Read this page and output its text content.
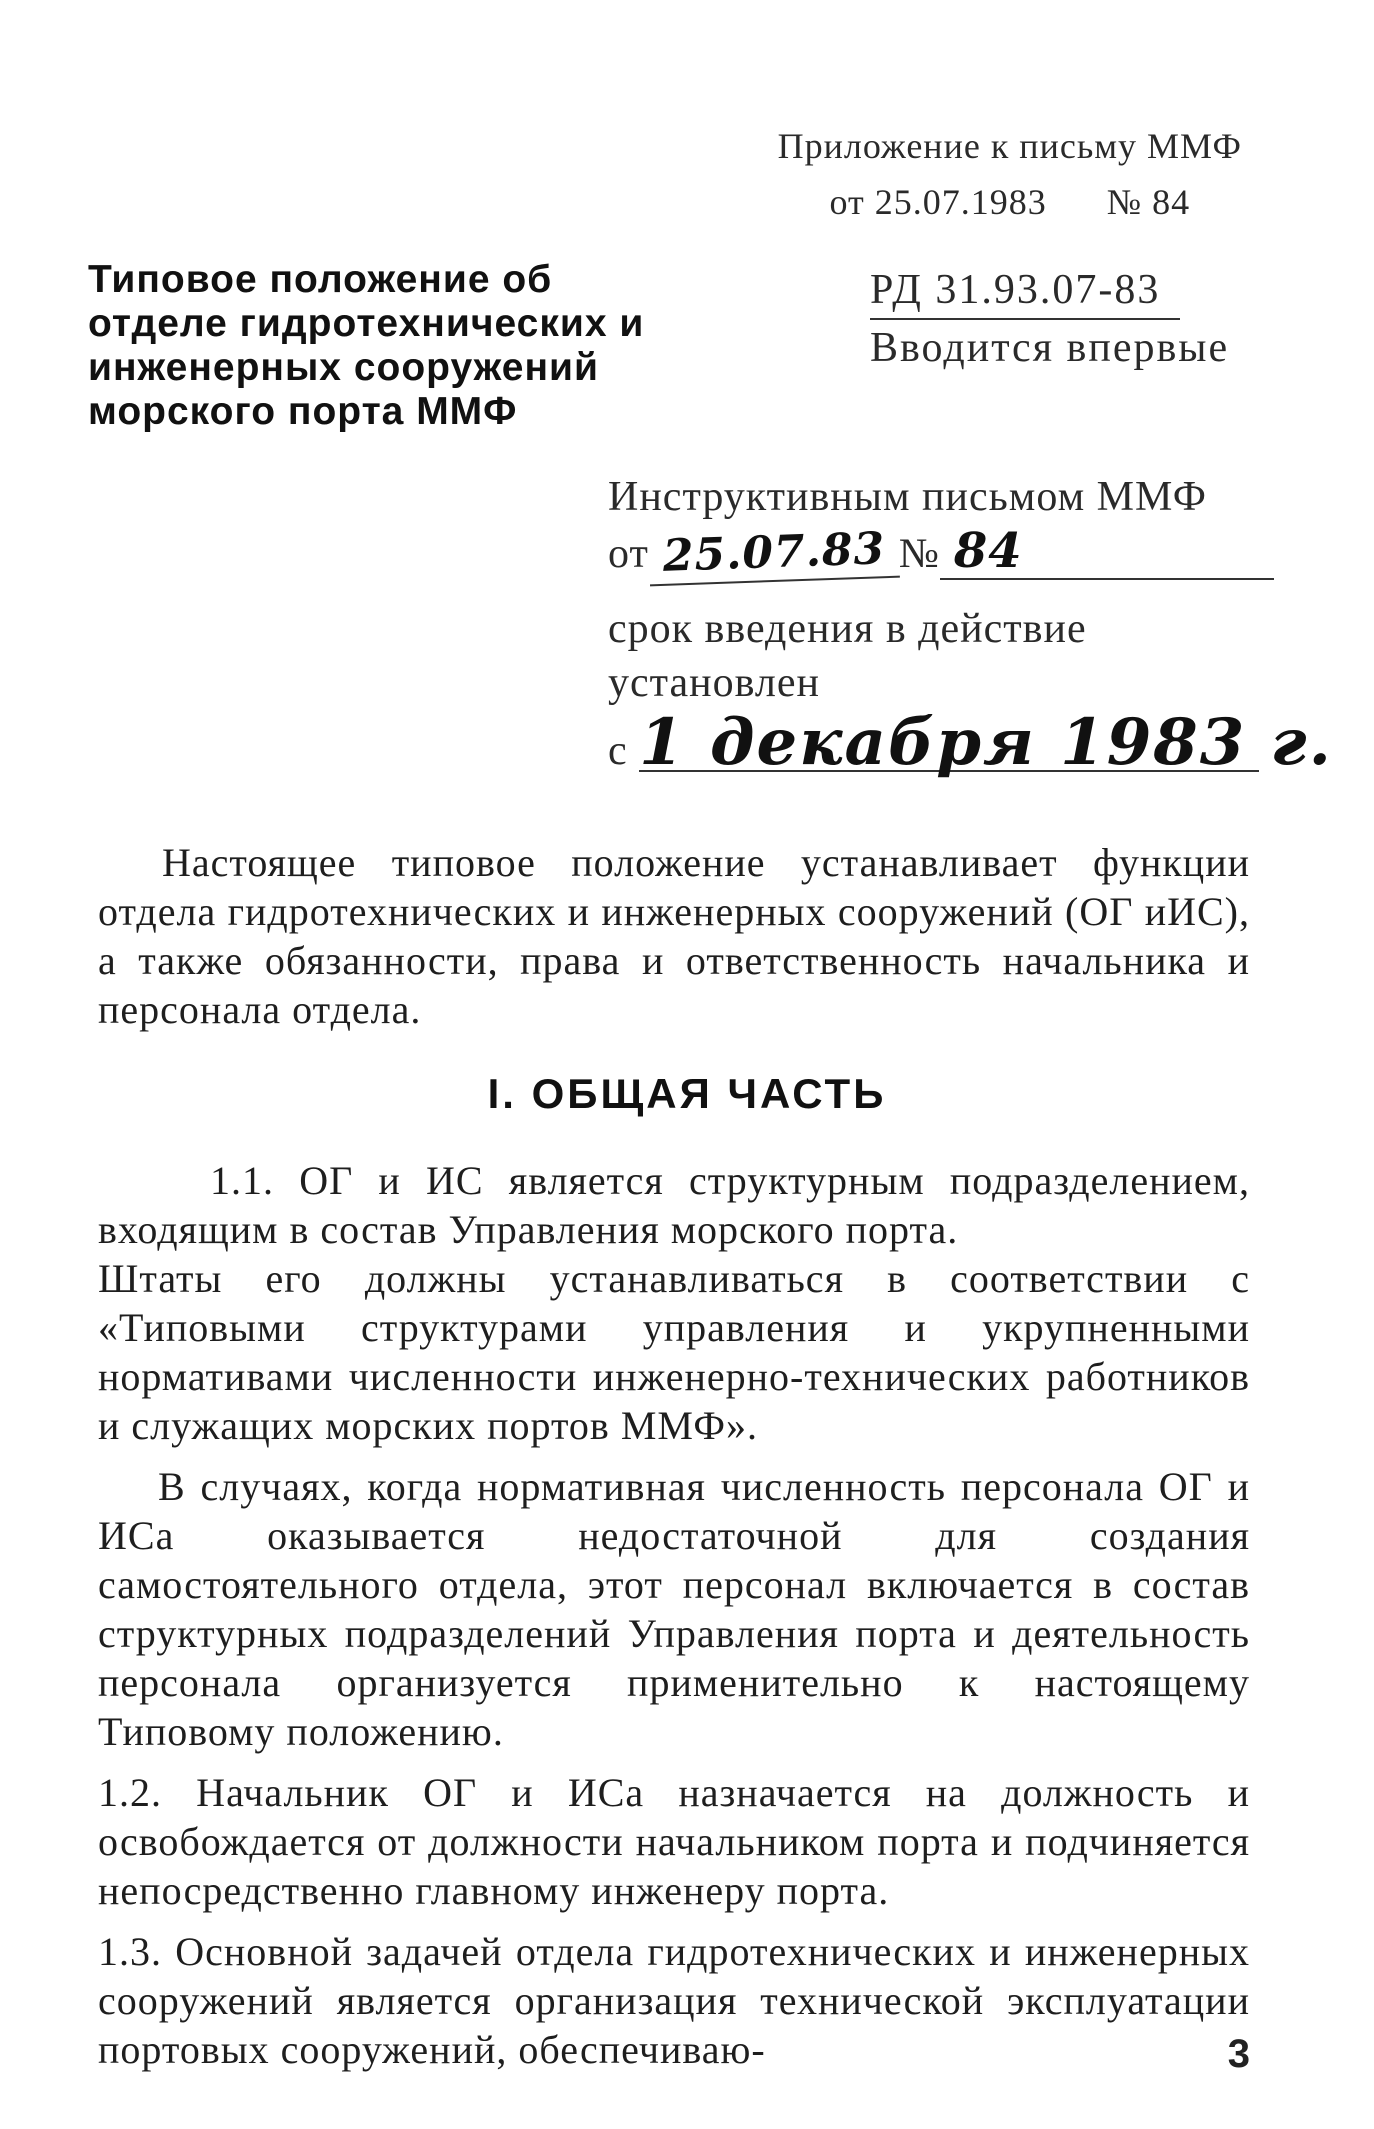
Приложение к письму ММФ
от 25.07.1983 № 84
Типовое положение об отделе гидротехнических и инженерных сооружений морского порта ММФ
РД 31.93.07-83
Вводится впервые
Инструктивным письмом ММФ
от 25.07.83 № 84
срок введения в действие
установлен
с 1 декабря 1983 г.

Настоящее типовое положение устанавливает функции отдела гидротехнических и инженерных сооружений (ОГ иИС), а также обязанности, права и ответственность начальника и персонала отдела.

I. ОБЩАЯ ЧАСТЬ

1.1. ОГ и ИС является структурным подразделением, входящим в состав Управления морского порта.

Штаты его должны устанавливаться в соответствии с «Типовыми структурами управления и укрупненными нормативами численности инженерно-технических работников и служащих морских портов ММФ».

В случаях, когда нормативная численность персонала ОГ и ИСа оказывается недостаточной для создания самостоятельного отдела, этот персонал включается в состав структурных подразделений Управления порта и деятельность персонала организуется применительно к настоящему Типовому положению.

1.2. Начальник ОГ и ИСа назначается на должность и освобождается от должности начальником порта и подчиняется непосредственно главному инженеру порта.

1.3. Основной задачей отдела гидротехнических и инженерных сооружений является организация технической эксплуатации портовых сооружений, обеспечиваю-	3
